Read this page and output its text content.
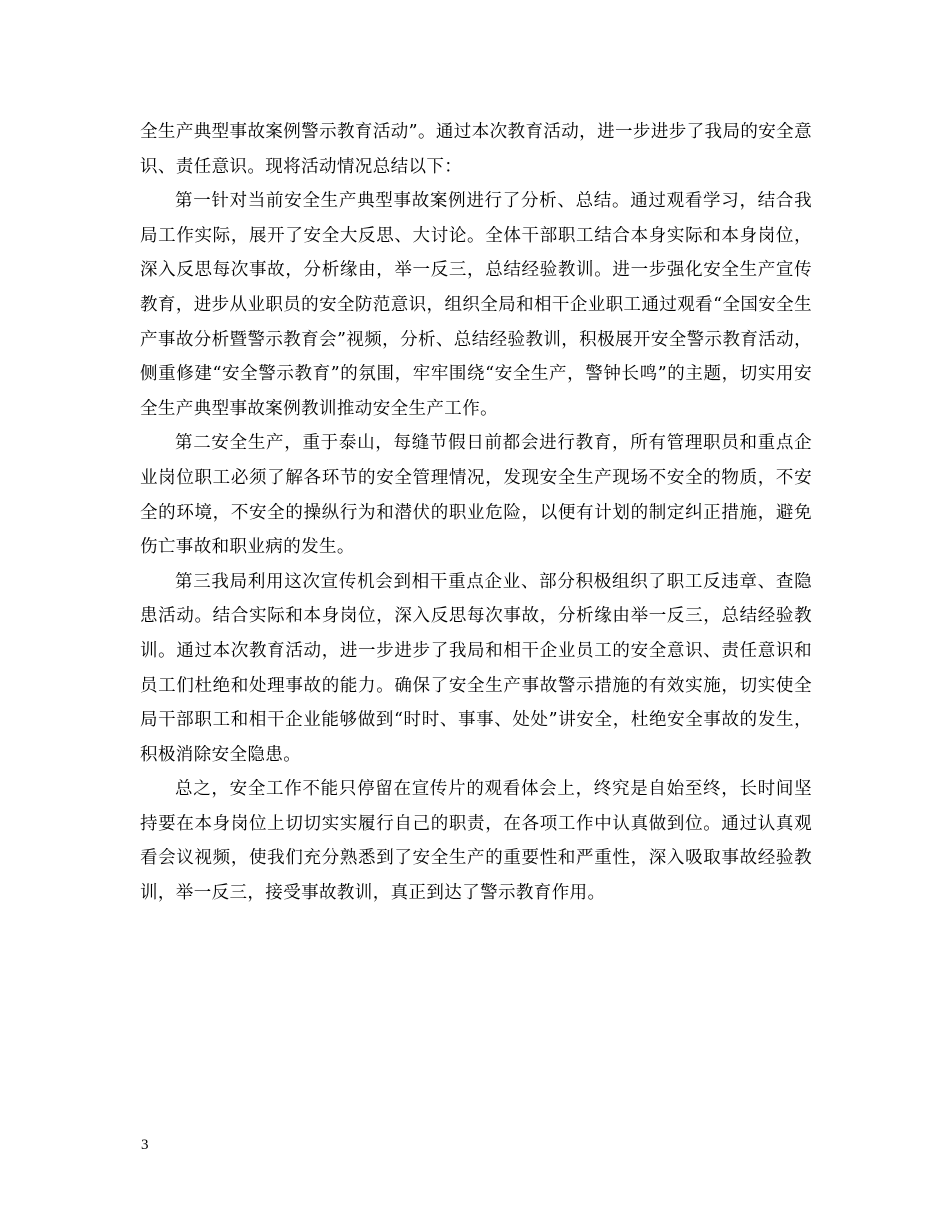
全生产典型事故案例警示教育活动”。通过本次教育活动，进一步进步了我局的安全意识、责任意识。现将活动情况总结以下：

第一针对当前安全生产典型事故案例进行了分析、总结。通过观看学习，结合我局工作实际，展开了安全大反思、大讨论。全体干部职工结合本身实际和本身岗位，深入反思每次事故，分析缘由，举一反三，总结经验教训。进一步强化安全生产宣传教育，进步从业职员的安全防范意识，组织全局和相干企业职工通过观看“全国安全生产事故分析暨警示教育会”视频，分析、总结经验教训，积极展开安全警示教育活动，侧重修建“安全警示教育”的氛围，牢牢围绕“安全生产，警钟长鸣”的主题，切实用安全生产典型事故案例教训推动安全生产工作。

第二安全生产，重于泰山，每缝节假日前都会进行教育，所有管理职员和重点企业岗位职工必须了解各环节的安全管理情况，发现安全生产现场不安全的物质，不安全的环境，不安全的操纵行为和潜伏的职业危险，以便有计划的制定纠正措施，避免伤亡事故和职业病的发生。

第三我局利用这次宣传机会到相干重点企业、部分积极组织了职工反违章、查隐患活动。结合实际和本身岗位，深入反思每次事故，分析缘由举一反三，总结经验教训。通过本次教育活动，进一步进步了我局和相干企业员工的安全意识、责任意识和员工们杜绝和处理事故的能力。确保了安全生产事故警示措施的有效实施，切实使全局干部职工和相干企业能够做到“时时、事事、处处”讲安全，杜绝安全事故的发生，积极消除安全隐患。

总之，安全工作不能只停留在宣传片的观看体会上，终究是自始至终，长时间坚持要在本身岗位上切切实实履行自己的职责，在各项工作中认真做到位。通过认真观看会议视频，使我们充分熟悉到了安全生产的重要性和严重性，深入吸取事故经验教训，举一反三，接受事故教训，真正到达了警示教育作用。

3
